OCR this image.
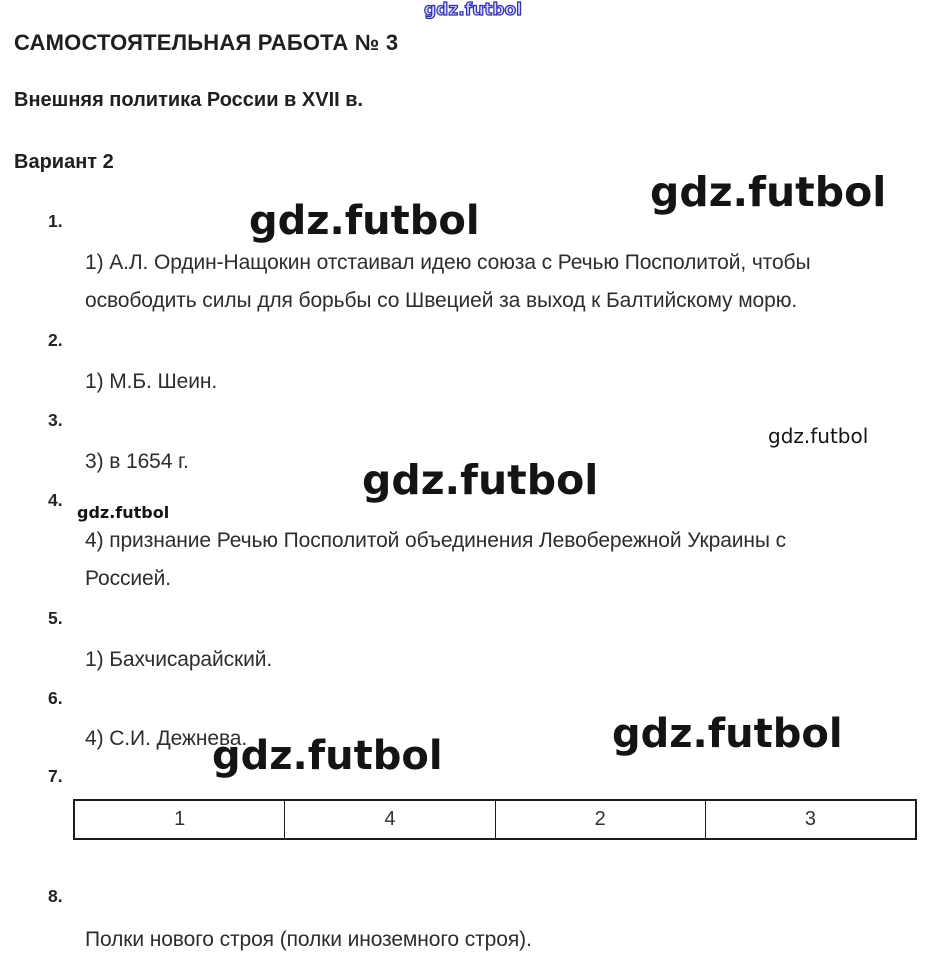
gdz.futbol
gdz.futbol
gdz.futbol
gdz.futbol
gdz.futbol
gdz.futbol
gdz.futbol
gdz.futbol
САМОСТОЯТЕЛЬНАЯ РАБОТА № 3
Внешняя политика России в XVII в.
Вариант 2
1.
1) А.Л. Ордин-Нащокин отстаивал идею союза с Речью Посполитой, чтобы
освободить силы для борьбы со Швецией за выход к Балтийскому морю.
2.
1) М.Б. Шеин.
3.
3) в 1654 г.
4.
4) признание Речью Посполитой объединения Левобережной Украины с
Россией.
5.
1) Бахчисарайский.
6.
4) С.И. Дежнева.
7.
1	4	2	3
8.
Полки нового строя (полки иноземного строя).
